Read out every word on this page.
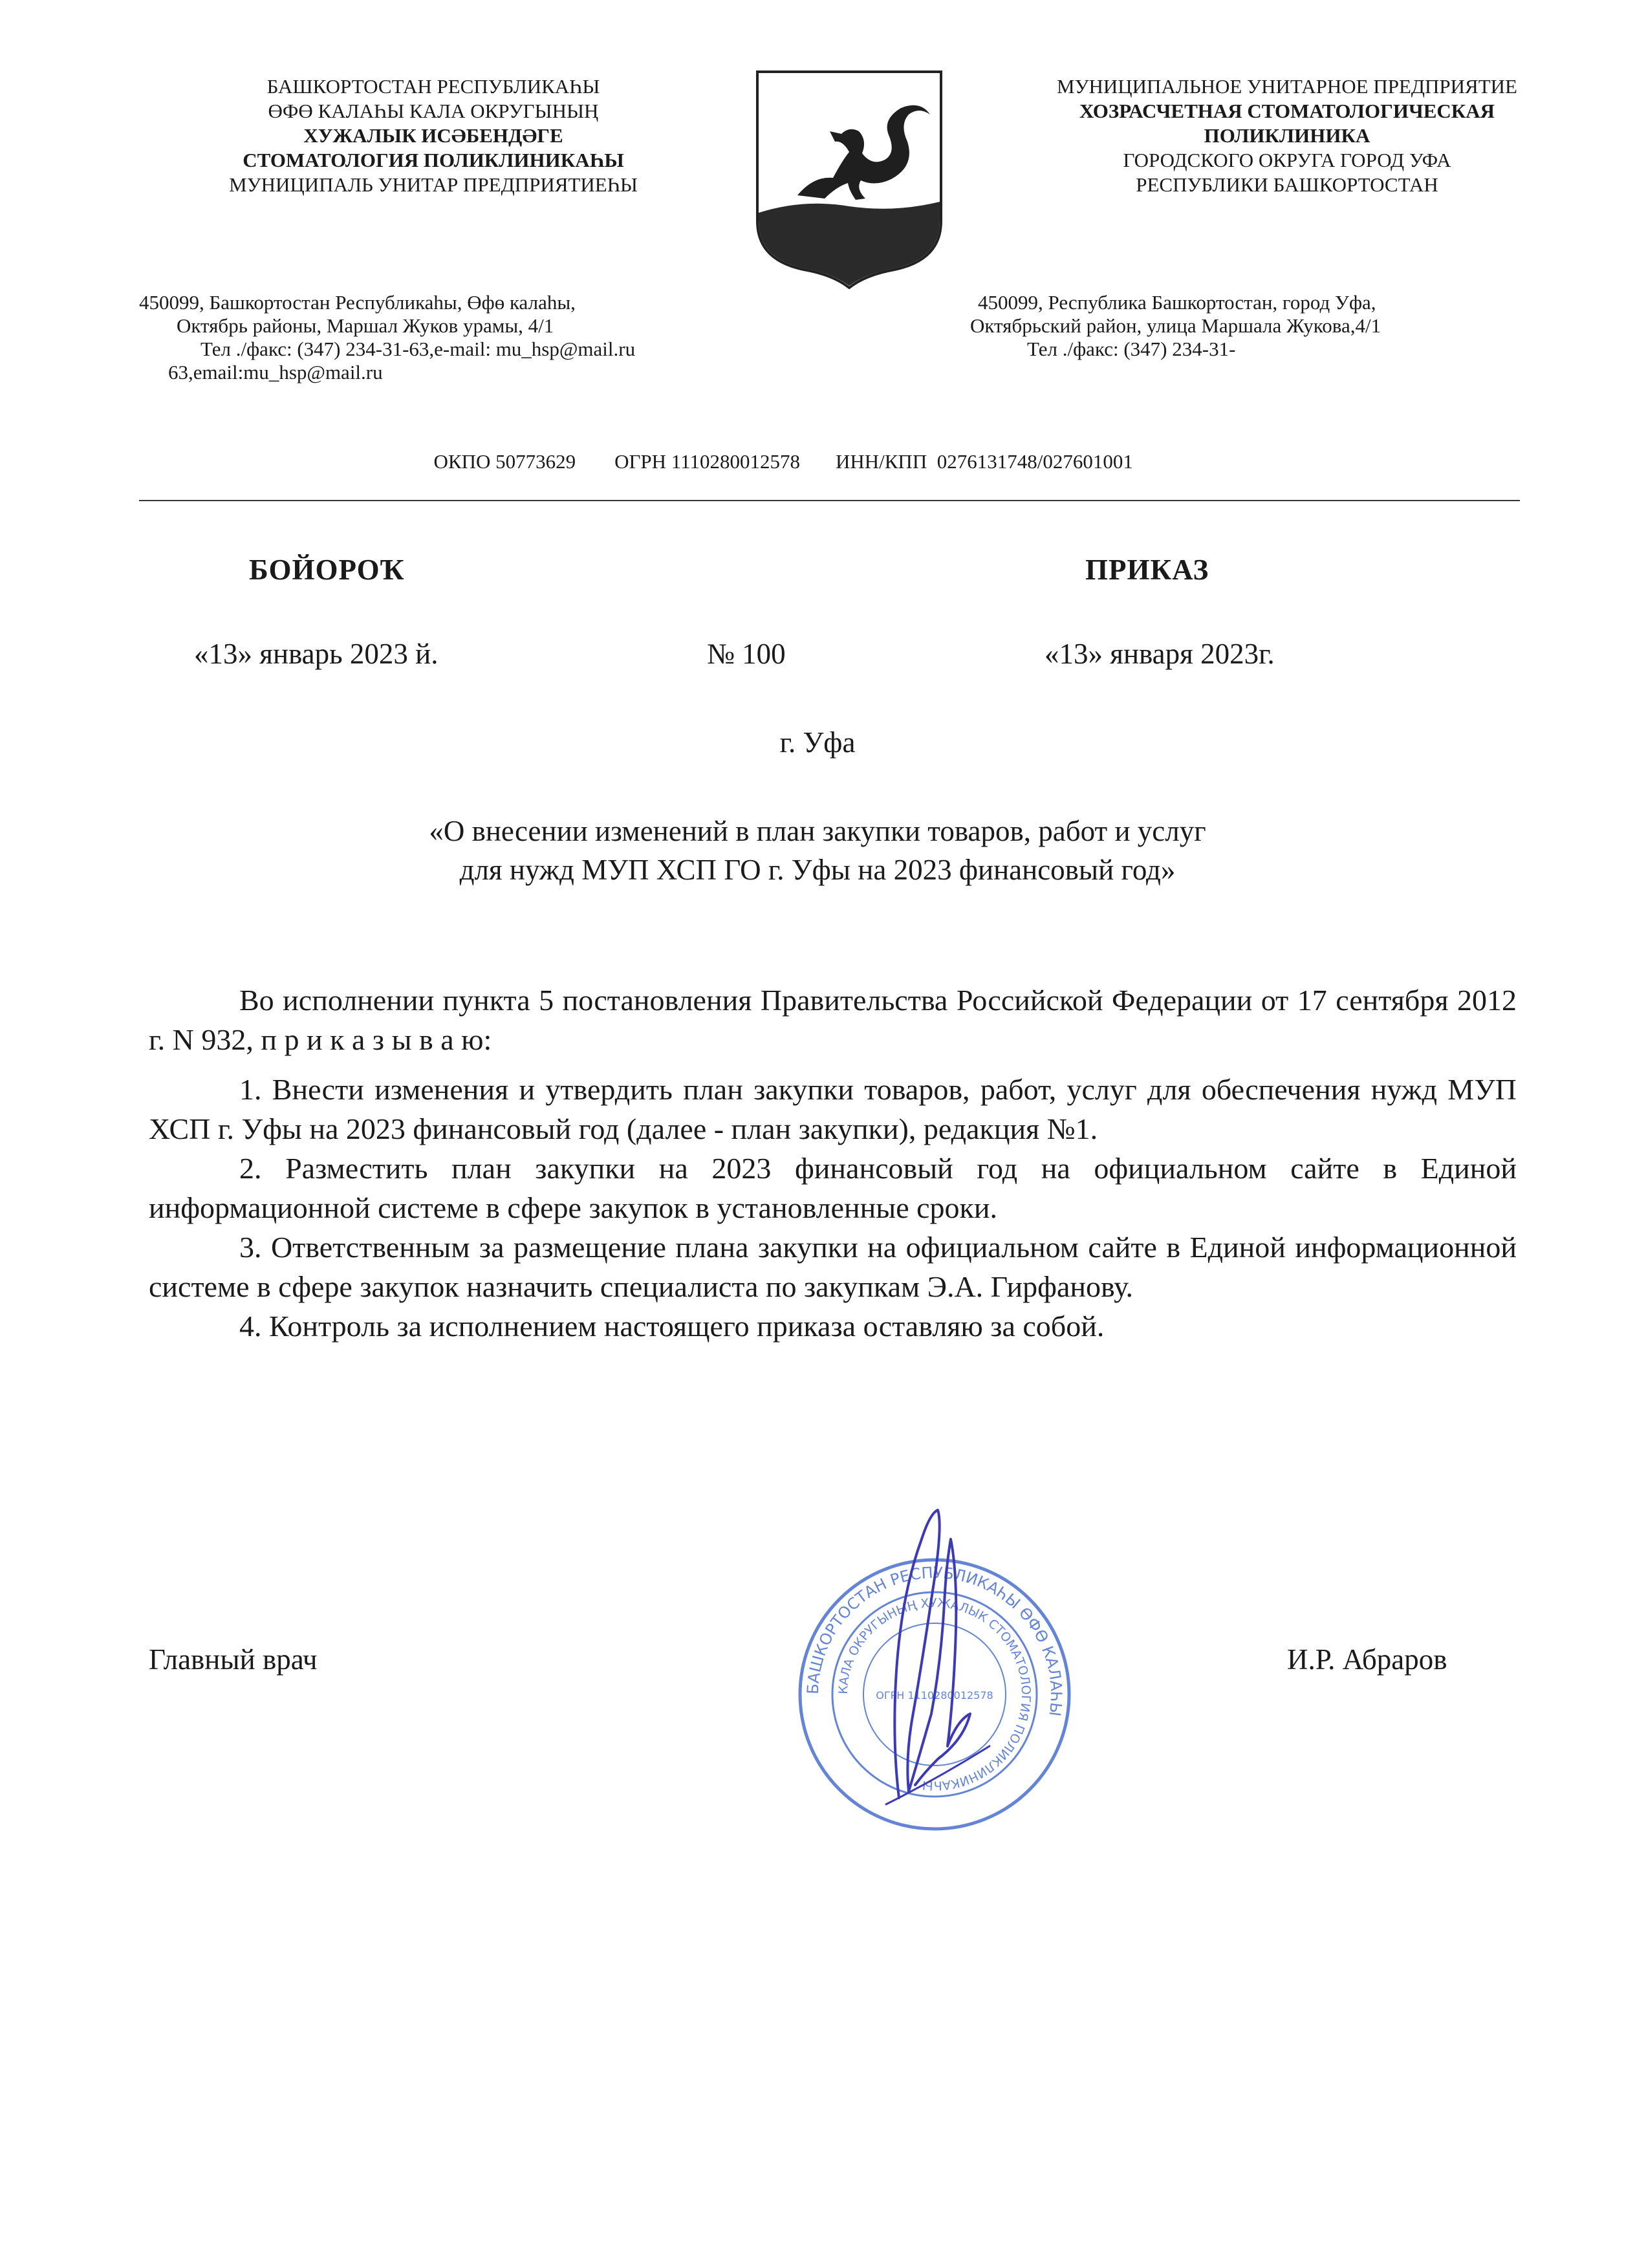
БАШКОРТОСТАН РЕСПУБЛИКАҺЫ
ӨФӨ КАЛАҺЫ КАЛА ОКРУГЫНЫҢ
ХУЖАЛЫК ИСӘБЕНДӘГЕ
СТОМАТОЛОГИЯ ПОЛИКЛИНИКАҺЫ
МУНИЦИПАЛЬ УНИТАР ПРЕДПРИЯТИЕҺЫ
МУНИЦИПАЛЬНОЕ УНИТАРНОЕ ПРЕДПРИЯТИЕ
ХОЗРАСЧЕТНАЯ СТОМАТОЛОГИЧЕСКАЯ
ПОЛИКЛИНИКА
ГОРОДСКОГО ОКРУГА ГОРОД УФА
РЕСПУБЛИКИ БАШКОРТОСТАН
450099, Башкортостан Республикаһы, Өфө калаһы,
Октябрь районы, Маршал Жуков урамы, 4/1
Тел ./факс: (347) 234-31-63,e-mail: mu_hsp@mail.ru
63,email:mu_hsp@mail.ru
450099, Республика Башкортостан, город Уфа,
Октябрьский район, улица Маршала Жукова,4/1
Тел ./факс: (347) 234-31-

ОКПО 50773629 ОГРН 1110280012578 ИНН/КПП  0276131748/027601001

БОЙОРОҠ	ПРИКАЗ
«13» январь 2023 й.	№ 100	«13» января 2023г.
г. Уфа
«О внесении изменений в план закупки товаров, работ и услуг
для нужд МУП ХСП ГО г. Уфы на 2023 финансовый год»

Во исполнении пункта 5 постановления Правительства Российской Федерации от 17 сентября 2012 г. N 932, п р и к а з ы в а ю:

1. Внести изменения и утвердить план закупки товаров, работ, услуг для обеспечения нужд МУП ХСП г. Уфы на 2023 финансовый год (далее - план закупки), редакция №1.

2. Разместить план закупки на 2023 финансовый год на официальном сайте в Единой информационной системе в сфере закупок в установленные сроки.

3. Ответственным за размещение плана закупки на официальном сайте в Единой информационной системе в сфере закупок назначить специалиста по закупкам Э.А. Гирфанову.

4. Контроль за исполнением настоящего приказа оставляю за собой.

Главный врач	И.Р. Абраров
БАШКОРТОСТАН РЕСПУБЛИКАҺЫ ӨФӨ КАЛАҺЫ
КАЛА ОКРУГЫНЫҢ ХУЖАЛЫК СТОМАТОЛОГИЯ ПОЛИКЛИНИКАҺЫ
ОГРН 1110280012578
